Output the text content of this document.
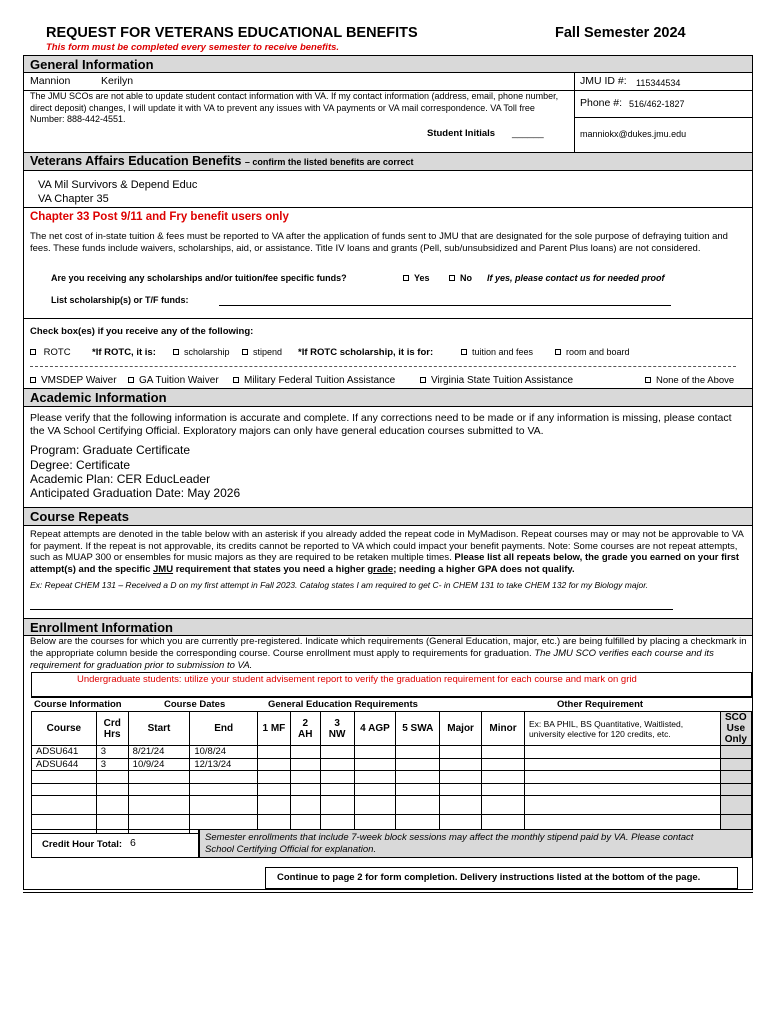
REQUEST FOR VETERANS EDUCATIONAL BENEFITS	Fall Semester 2024
This form must be completed every semester to receive benefits.
General Information
Mannion	Kerilyn
The JMU SCOs are not able to update student contact information with VA. If my contact information (address, email, phone number, direct deposit) changes, I will update it with VA to prevent any issues with VA payments or VA mail correspondence. VA Toll free Number: 888-442-4551.
Student Initials ______
JMU ID #: 115344534
Phone #: 516/462-1827
manniokx@dukes.jmu.edu
Veterans Affairs Education Benefits – confirm the listed benefits are correct
VA Mil Survivors & Depend Educ
VA Chapter 35
Chapter 33 Post 9/11 and Fry benefit users only
The net cost of in-state tuition & fees must be reported to VA after the application of funds sent to JMU that are designated for the sole purpose of defraying tuition and fees. These funds include waivers, scholarships, aid, or assistance. Title IV loans and grants (Pell, sub/unsubsidized and Parent Plus loans) are not considered.
Are you receiving any scholarships and/or tuition/fee specific funds?	Yes	No If yes, please contact us for needed proof
List scholarship(s) or T/F funds:
Check box(es) if you receive any of the following:
ROTC *If ROTC, it is:	scholarship	stipend *If ROTC scholarship, it is for:	tuition and fees	room and board
VMSDEP Waiver	GA Tuition Waiver	Military Federal Tuition Assistance	Virginia State Tuition Assistance	None of the Above
Academic Information
Please verify that the following information is accurate and complete. If any corrections need to be made or if any information is missing, please contact the VA School Certifying Official. Exploratory majors can only have general education courses submitted to VA.
Program: Graduate Certificate
Degree: Certificate
Academic Plan: CER EducLeader
Anticipated Graduation Date: May 2026
Course Repeats
Repeat attempts are denoted in the table below with an asterisk if you already added the repeat code in MyMadison. Repeat courses may or may not be approvable to VA for payment. If the repeat is not approvable, its credits cannot be reported to VA which could impact your benefit payments. Note: Some courses are not repeat attempts, such as MUAP 300 or ensembles for music majors as they are required to be retaken multiple times. Please list all repeats below, the grade you earned on your first attempt(s) and the specific JMU requirement that states you need a higher grade; needing a higher GPA does not qualify.
Ex: Repeat CHEM 131 – Received a D on my first attempt in Fall 2023. Catalog states I am required to get C- in CHEM 131 to take CHEM 132 for my Biology major.
Enrollment Information
Below are the courses for which you are currently pre-registered. Indicate which requirements (General Education, major, etc.) are being fulfilled by placing a checkmark in the appropriate column beside the corresponding course. Course enrollment must apply to requirements for graduation. The JMU SCO verifies each course and its requirement for graduation prior to submission to VA.
Undergraduate students: utilize your student advisement report to verify the graduation requirement for each course and mark on grid
Course Information	Course Dates	General Education Requirements	Other Requirement
Course	Crd Hrs	Start	End	1 MF	2 AH	3 NW	4 AGP	5 SWA	Major	Minor	Ex: BA PHIL, BS Quantitative, Waitlisted, university elective for 120 credits, etc.	SCO Use Only
ADSU641	3	8/21/24	10/8/24									
ADSU644	3	10/9/24	12/13/24									

Credit Hour Total: 6	Semester enrollments that include 7-week block sessions may affect the monthly stipend paid by VA. Please contact School Certifying Official for explanation.
Continue to page 2 for form completion. Delivery instructions listed at the bottom of the page.
